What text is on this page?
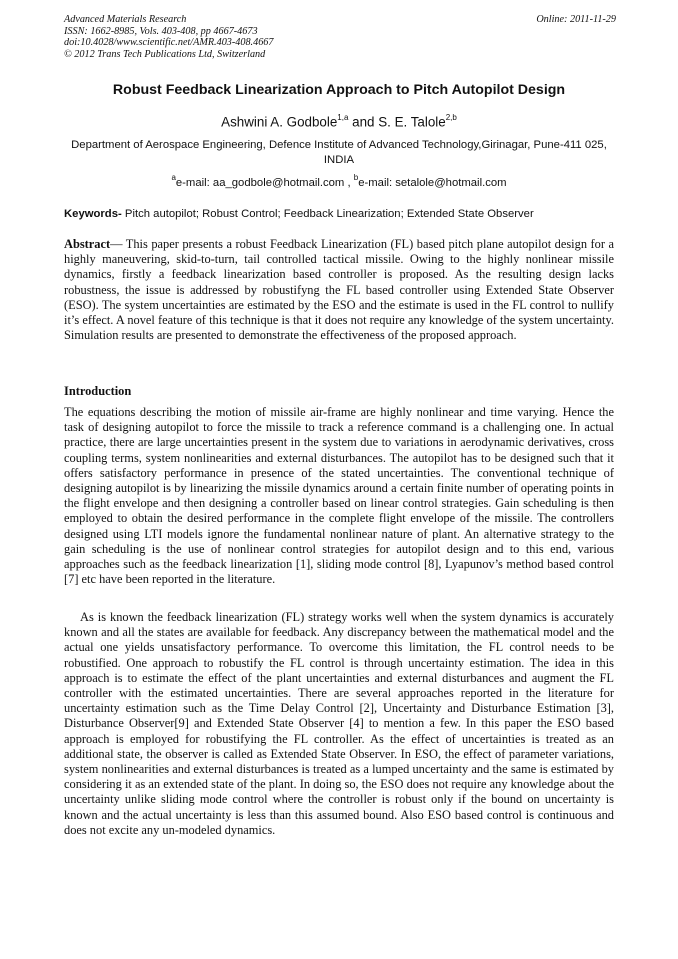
Advanced Materials Research
ISSN: 1662-8985, Vols. 403-408, pp 4667-4673
doi:10.4028/www.scientific.net/AMR.403-408.4667
© 2012 Trans Tech Publications Ltd, Switzerland
Online: 2011-11-29
Robust Feedback Linearization Approach to Pitch Autopilot Design
Ashwini A. Godbole$^{1,a}$ and S. E. Talole$^{2,b}$
Department of Aerospace Engineering, Defence Institute of Advanced Technology,Girinagar, Pune-411 025, INDIA
$^a$e-mail: aa_godbole@hotmail.com , $^b$e-mail: setalole@hotmail.com
Keywords- Pitch autopilot; Robust Control; Feedback Linearization; Extended State Observer
Abstract— This paper presents a robust Feedback Linearization (FL) based pitch plane autopilot design for a highly maneuvering, skid-to-turn, tail controlled tactical missile. Owing to the highly nonlinear missile dynamics, firstly a feedback linearization based controller is proposed. As the resulting design lacks robustness, the issue is addressed by robustifyng the FL based controller using Extended State Observer (ESO). The system uncertainties are estimated by the ESO and the estimate is used in the FL control to nullify it’s effect. A novel feature of this technique is that it does not require any knowledge of the system uncertainty. Simulation results are presented to demonstrate the effectiveness of the proposed approach.
Introduction
The equations describing the motion of missile air-frame are highly nonlinear and time varying. Hence the task of designing autopilot to force the missile to track a reference command is a challenging one. In actual practice, there are large uncertainties present in the system due to variations in aerodynamic derivatives, cross coupling terms, system nonlinearities and external disturbances. The autopilot has to be designed such that it offers satisfactory performance in presence of the stated uncertainties. The conventional technique of designing autopilot is by linearizing the missile dynamics around a certain finite number of operating points in the flight envelope and then designing a controller based on linear control strategies. Gain scheduling is then employed to obtain the desired performance in the complete flight envelope of the missile. The controllers designed using LTI models ignore the fundamental nonlinear nature of plant. An alternative strategy to the gain scheduling is the use of nonlinear control strategies for autopilot design and to this end, various approaches such as the feedback linearization [1], sliding mode control [8], Lyapunov’s method based control [7] etc have been reported in the literature.
As is known the feedback linearization (FL) strategy works well when the system dynamics is accurately known and all the states are available for feedback. Any discrepancy between the mathematical model and the actual one yields unsatisfactory performance. To overcome this limitation, the FL control needs to be robustified. One approach to robustify the FL control is through uncertainty estimation. The idea in this approach is to estimate the effect of the plant uncertainties and external disturbances and augment the FL controller with the estimated uncertainties. There are several approaches reported in the literature for uncertainty estimation such as the Time Delay Control [2], Uncertainty and Disturbance Estimation [3], Disturbance Observer[9] and Extended State Observer [4] to mention a few. In this paper the ESO based approach is employed for robustifying the FL controller. As the effect of uncertainties is treated as an additional state, the observer is called as Extended State Observer. In ESO, the effect of parameter variations, system nonlinearities and external disturbances is treated as a lumped uncertainty and the same is estimated by considering it as an extended state of the plant. In doing so, the ESO does not require any knowledge about the uncertainty unlike sliding mode control where the controller is robust only if the bound on uncertainty is known and the actual uncertainty is less than this assumed bound. Also ESO based control is continuous and does not excite any un-modeled dynamics.
